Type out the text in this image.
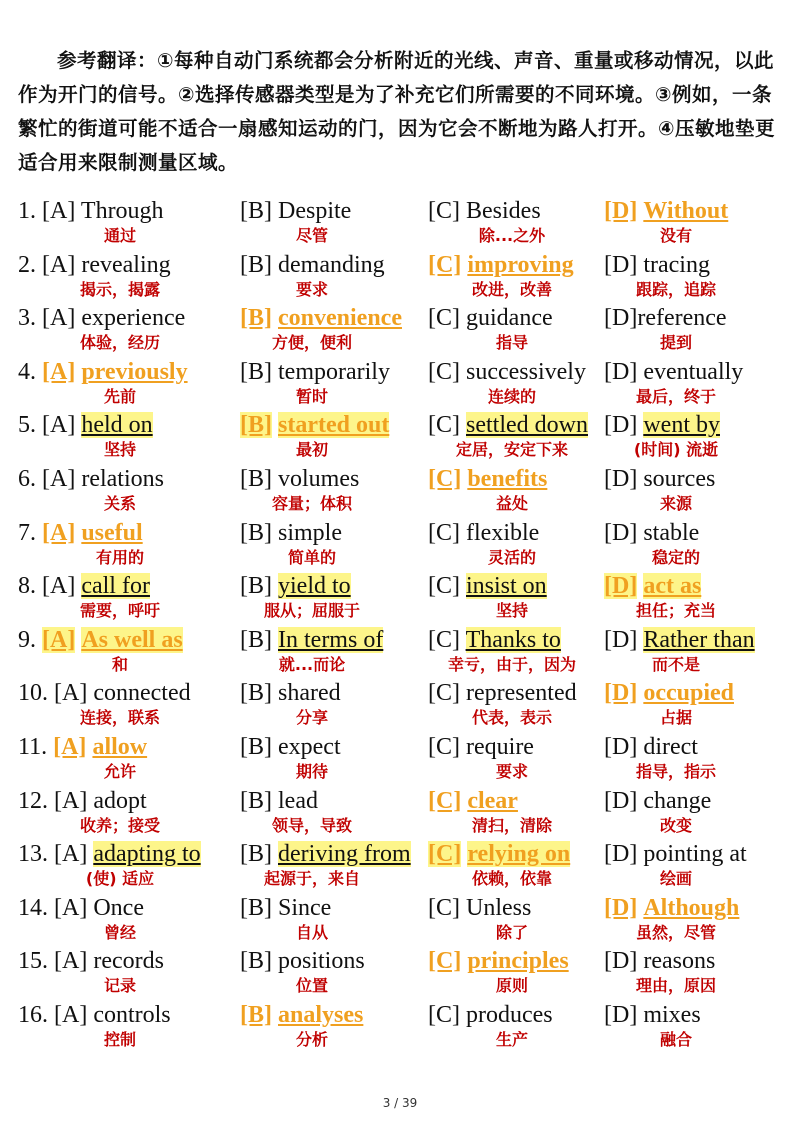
参考翻译：①每种自动门系统都会分析附近的光线、声音、重量或移动情况，以此作为开门的信号。②选择传感器类型是为了补充它们所需要的不同环境。③例如，一条繁忙的街道可能不适合一扇感知运动的门，因为它会不断地为路人打开。④压敏地垫更适合用来限制测量区域。
1. [A] Through
通过
[B] Despite
尽管
[C] Besides
除...之外
[D] Without
没有
2. [A] revealing
揭示，揭露
[B] demanding
要求
[C] improving
改进，改善
[D] tracing
跟踪，追踪
3. [A] experience
体验，经历
[B] convenience
方便，便利
[C] guidance
指导
[D]reference
提到
4. [A] previously
先前
[B] temporarily
暂时
[C] successively
连续的
[D] eventually
最后，终于
5. [A] held on
坚持
[B] started out
最初
[C] settled down
定居，安定下来
[D] went by
(时间) 流逝
6. [A] relations
关系
[B] volumes
容量；体积
[C] benefits
益处
[D] sources
来源
7. [A] useful
有用的
[B] simple
简单的
[C] flexible
灵活的
[D] stable
稳定的
8. [A] call for
需要，呼吁
[B] yield to
服从；屈服于
[C] insist on
坚持
[D] act as
担任；充当
9. [A] As well as
和
[B] In terms of
就...而论
[C] Thanks to
幸亏，由于，因为
[D] Rather than
而不是
10. [A] connected
连接，联系
[B] shared
分享
[C] represented
代表，表示
[D] occupied
占据
11. [A] allow
允许
[B] expect
期待
[C] require
要求
[D] direct
指导，指示
12. [A] adopt
收养；接受
[B] lead
领导，导致
[C] clear
清扫，清除
[D] change
改变
13. [A] adapting to
(使) 适应
[B] deriving from
起源于，来自
[C] relying on
依赖，依靠
[D] pointing at
绘画
14. [A] Once
曾经
[B] Since
自从
[C] Unless
除了
[D] Although
虽然，尽管
15. [A] records
记录
[B] positions
位置
[C] principles
原则
[D] reasons
理由，原因
16. [A] controls
控制
[B] analyses
分析
[C] produces
生产
[D] mixes
融合
3 / 39
